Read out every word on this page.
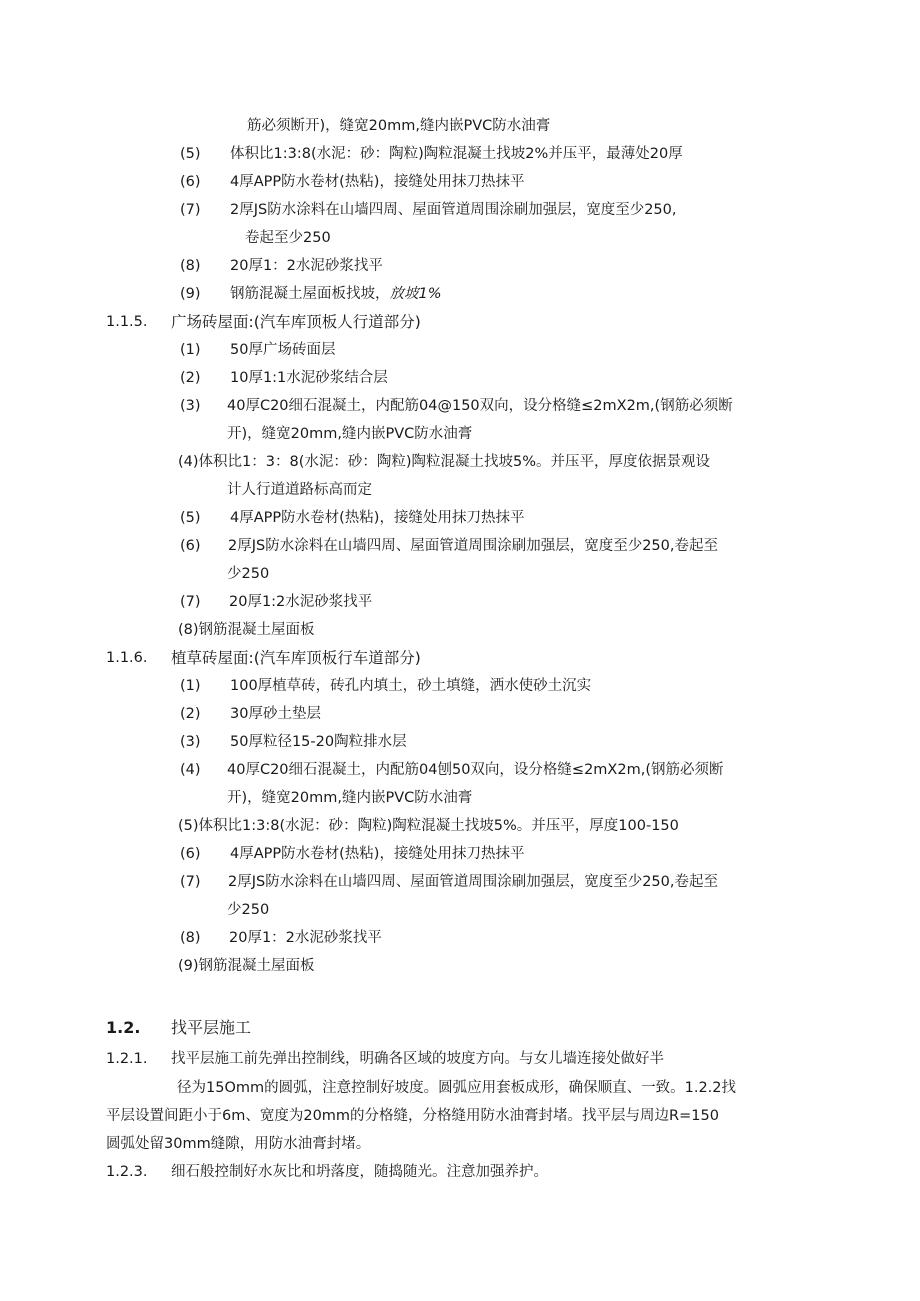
筋必须断开)，缝宽20mm,缝内嵌PVC防水油膏
(5) 体积比1:3:8(水泥：砂：陶粒)陶粒混凝土找坡2%并压平，最薄处20厚
(6) 4厚APP防水卷材(热粘)，接缝处用抹刀热抹平
(7) 2厚JS防水涂料在山墙四周、屋面管道周围涂刷加强层，宽度至少250,
卷起至少250
(8) 20厚1：2水泥砂浆找平
(9) 钢筋混凝土屋面板找坡，放坡1%
1.1.5. 广场砖屋面:(汽车库顶板人行道部分)
(1) 50厚广场砖面层
(2) 10厚1:1水泥砂浆结合层
(3) 40厚C20细石混凝土，内配筋04@150双向，设分格缝≤2mX2m,(钢筋必须断
开)，缝宽20mm,缝内嵌PVC防水油膏
(4)体积比1：3：8(水泥：砂：陶粒)陶粒混凝土找坡5%。并压平，厚度依据景观设
计人行道道路标高而定
(5) 4厚APP防水卷材(热粘)，接缝处用抹刀热抹平
(6) 2厚JS防水涂料在山墙四周、屋面管道周围涂刷加强层，宽度至少250,卷起至
少250
(7) 20厚1:2水泥砂浆找平
(8)钢筋混凝土屋面板
1.1.6. 植草砖屋面:(汽车库顶板行车道部分)
(1) 100厚植草砖，砖孔内填土，砂土填缝，洒水使砂土沉实
(2) 30厚砂土垫层
(3) 50厚粒径15-20陶粒排水层
(4) 40厚C20细石混凝土，内配筋04刨50双向，设分格缝≤2mX2m,(钢筋必须断
开)，缝宽20mm,缝内嵌PVC防水油膏
(5)体积比1:3:8(水泥：砂：陶粒)陶粒混凝土找坡5%。并压平，厚度100-150
(6) 4厚APP防水卷材(热粘)，接缝处用抹刀热抹平
(7) 2厚JS防水涂料在山墙四周、屋面管道周围涂刷加强层，宽度至少250,卷起至
少250
(8) 20厚1：2水泥砂浆找平
(9)钢筋混凝土屋面板
1.2. 找平层施工
1.2.1. 找平层施工前先弹出控制线，明确各区域的坡度方向。与女儿墙连接处做好半
径为15Omm的圆弧，注意控制好坡度。圆弧应用套板成形，确保顺直、一致。1.2.2找
平层设置间距小于6m、宽度为20mm的分格缝，分格缝用防水油膏封堵。找平层与周边R=150
圆弧处留30mm缝隙，用防水油膏封堵。
1.2.3. 细石般控制好水灰比和坍落度，随捣随光。注意加强养护。
